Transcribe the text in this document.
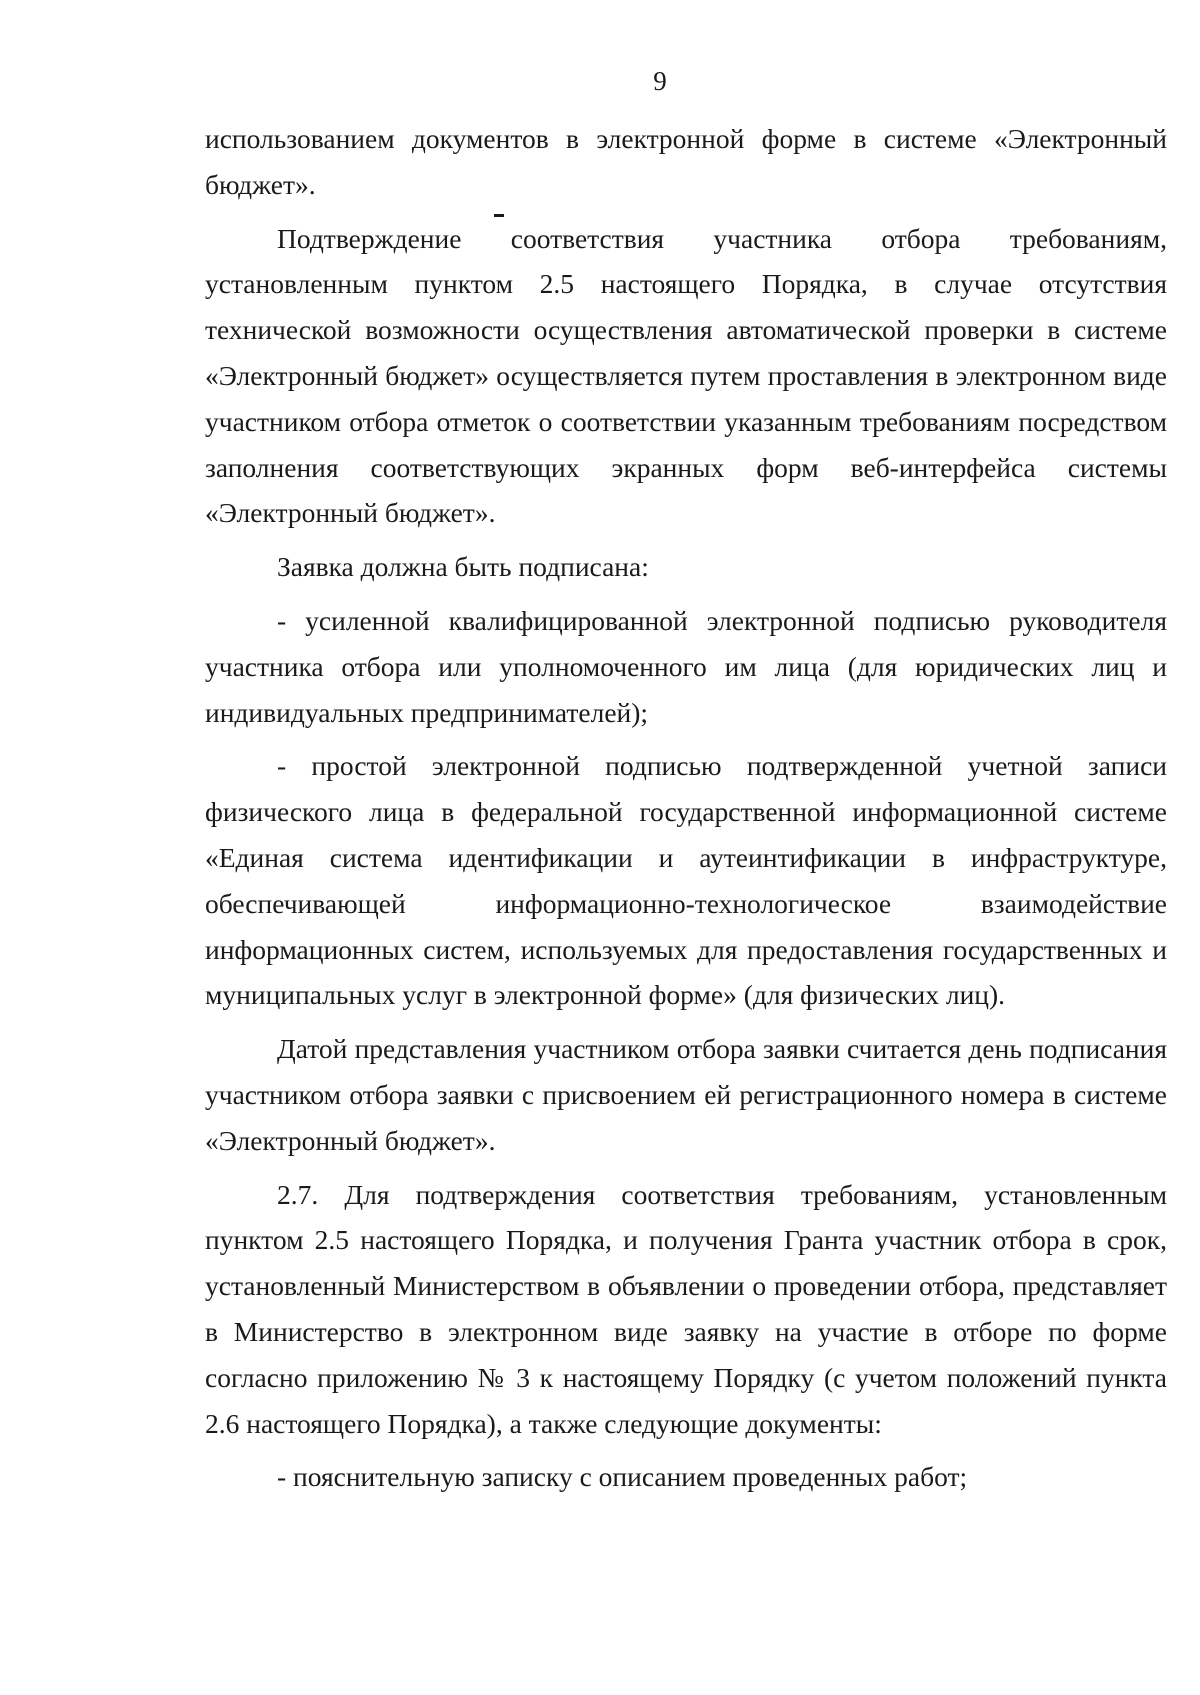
9

использованием документов в электронной форме в системе «Электронный бюджет».

Подтверждение соответствия участника отбора требованиям, установленным пунктом 2.5 настоящего Порядка, в случае отсутствия технической возможности осуществления автоматической проверки в системе «Электронный бюджет» осуществляется путем проставления в электронном виде участником отбора отметок о соответствии указанным требованиям посредством заполнения соответствующих экранных форм веб-интерфейса системы «Электронный бюджет».

Заявка должна быть подписана:

- усиленной квалифицированной электронной подписью руководителя участника отбора или уполномоченного им лица (для юридических лиц и индивидуальных предпринимателей);

- простой электронной подписью подтвержденной учетной записи физического лица в федеральной государственной информационной системе «Единая система идентификации и аутеинтификации в инфраструктуре, обеспечивающей информационно-технологическое взаимодействие информационных систем, используемых для предоставления государственных и муниципальных услуг в электронной форме» (для физических лиц).

Датой представления участником отбора заявки считается день подписания участником отбора заявки с присвоением ей регистрационного номера в системе «Электронный бюджет».

2.7. Для подтверждения соответствия требованиям, установленным пунктом 2.5 настоящего Порядка, и получения Гранта участник отбора в срок, установленный Министерством в объявлении о проведении отбора, представляет в Министерство в электронном виде заявку на участие в отборе по форме согласно приложению № 3 к настоящему Порядку (с учетом положений пункта 2.6 настоящего Порядка), а также следующие документы:

- пояснительную записку с описанием проведенных работ;
